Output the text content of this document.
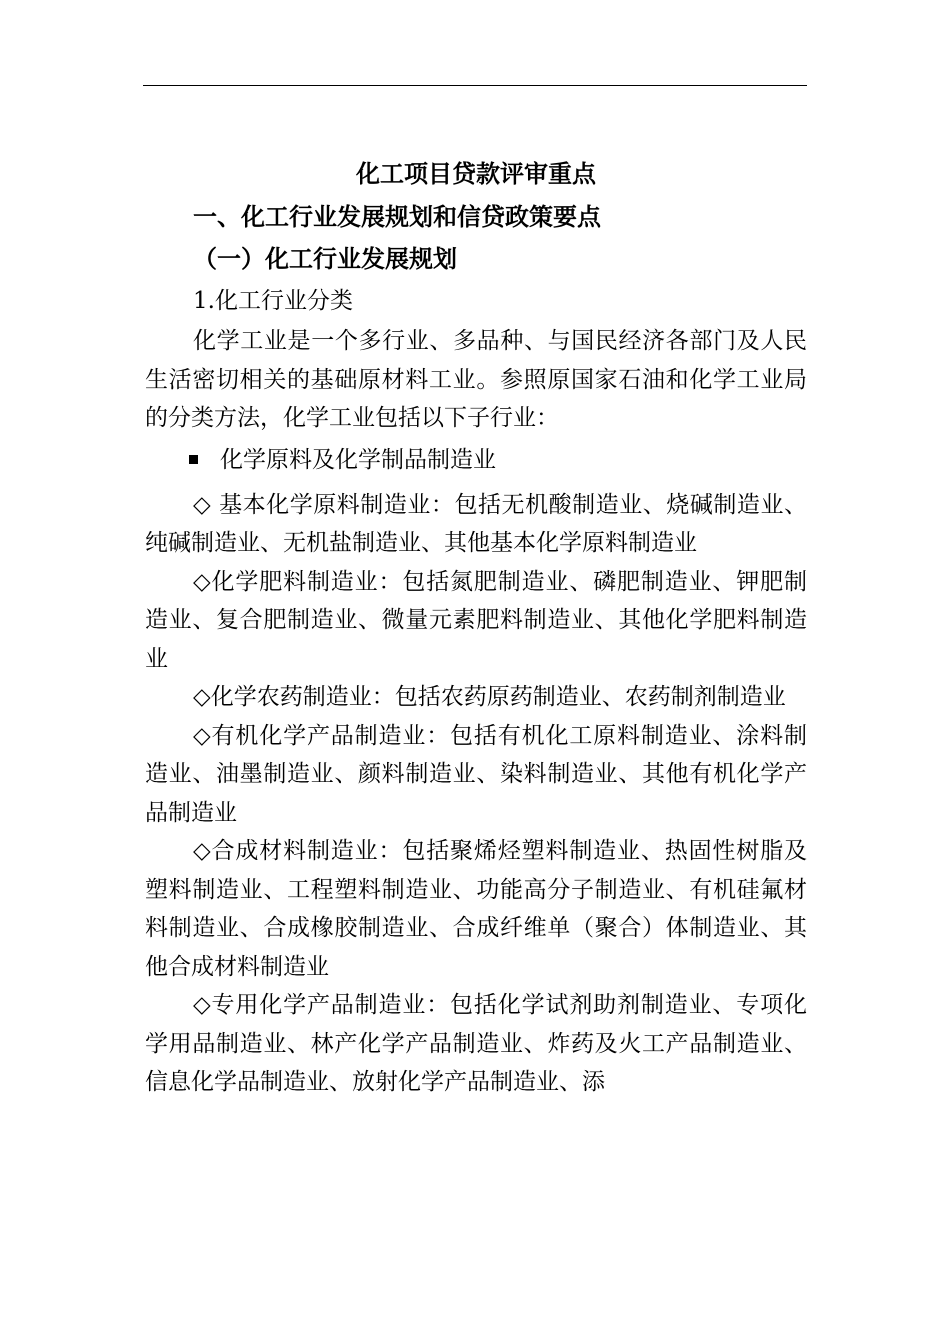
化工项目贷款评审重点

一、化工行业发展规划和信贷政策要点

（一）化工行业发展规划

1.化工行业分类

化学工业是一个多行业、多品种、与国民经济各部门及人民生活密切相关的基础原材料工业。参照原国家石油和化学工业局的分类方法，化学工业包括以下子行业：

化学原料及化学制品制造业

◇ 基本化学原料制造业：包括无机酸制造业、烧碱制造业、纯碱制造业、无机盐制造业、其他基本化学原料制造业

◇化学肥料制造业：包括氮肥制造业、磷肥制造业、钾肥制造业、复合肥制造业、微量元素肥料制造业、其他化学肥料制造业

◇化学农药制造业：包括农药原药制造业、农药制剂制造业

◇有机化学产品制造业：包括有机化工原料制造业、涂料制造业、油墨制造业、颜料制造业、染料制造业、其他有机化学产品制造业

◇合成材料制造业：包括聚烯烃塑料制造业、热固性树脂及塑料制造业、工程塑料制造业、功能高分子制造业、有机硅氟材料制造业、合成橡胶制造业、合成纤维单（聚合）体制造业、其他合成材料制造业

◇专用化学产品制造业：包括化学试剂助剂制造业、专项化学用品制造业、林产化学产品制造业、炸药及火工产品制造业、信息化学品制造业、放射化学产品制造业、添
